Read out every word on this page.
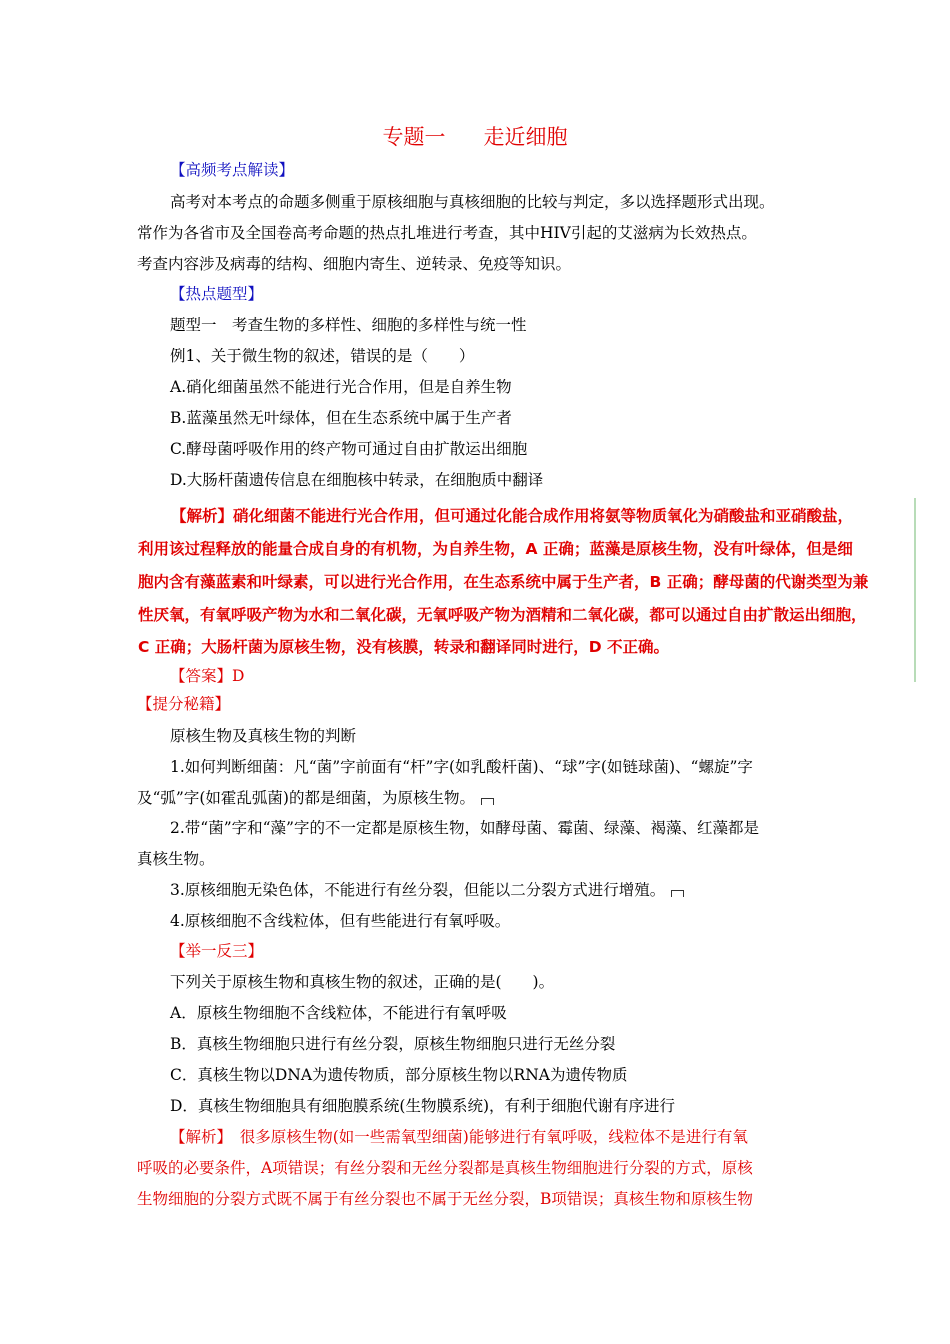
专题一 走近细胞
【高频考点解读】
高考对本考点的命题多侧重于原核细胞与真核细胞的比较与判定，多以选择题形式出现。
常作为各省市及全国卷高考命题的热点扎堆进行考查，其中HIV引起的艾滋病为长效热点。
考查内容涉及病毒的结构、细胞内寄生、逆转录、免疫等知识。
【热点题型】
题型一　考查生物的多样性、细胞的多样性与统一性
例1、关于微生物的叙述，错误的是（　　）
A.硝化细菌虽然不能进行光合作用，但是自养生物
B.蓝藻虽然无叶绿体，但在生态系统中属于生产者
C.酵母菌呼吸作用的终产物可通过自由扩散运出细胞
D.大肠杆菌遗传信息在细胞核中转录，在细胞质中翻译
【解析】硝化细菌不能进行光合作用，但可通过化能合成作用将氨等物质氧化为硝酸盐和亚硝酸盐，
利用该过程释放的能量合成自身的有机物，为自养生物，A 正确；蓝藻是原核生物，没有叶绿体，但是细
胞内含有藻蓝素和叶绿素，可以进行光合作用，在生态系统中属于生产者，B 正确；酵母菌的代谢类型为兼
性厌氧，有氧呼吸产物为水和二氧化碳，无氧呼吸产物为酒精和二氧化碳，都可以通过自由扩散运出细胞，
C 正确；大肠杆菌为原核生物，没有核膜，转录和翻译同时进行，D 不正确。
【答案】D
【提分秘籍】
原核生物及真核生物的判断
1.如何判断细菌：凡“菌”字前面有“杆”字(如乳酸杆菌)、“球”字(如链球菌)、“螺旋”字
及“弧”字(如霍乱弧菌)的都是细菌，为原核生物。
2.带“菌”字和“藻”字的不一定都是原核生物，如酵母菌、霉菌、绿藻、褐藻、红藻都是
真核生物。
3.原核细胞无染色体，不能进行有丝分裂，但能以二分裂方式进行增殖。
4.原核细胞不含线粒体，但有些能进行有氧呼吸。
【举一反三】
下列关于原核生物和真核生物的叙述，正确的是(　　)。
A．原核生物细胞不含线粒体，不能进行有氧呼吸
B．真核生物细胞只进行有丝分裂，原核生物细胞只进行无丝分裂
C．真核生物以DNA为遗传物质，部分原核生物以RNA为遗传物质
D．真核生物细胞具有细胞膜系统(生物膜系统)，有利于细胞代谢有序进行
【解析】　很多原核生物(如一些需氧型细菌)能够进行有氧呼吸，线粒体不是进行有氧
呼吸的必要条件，A项错误；有丝分裂和无丝分裂都是真核生物细胞进行分裂的方式，原核
生物细胞的分裂方式既不属于有丝分裂也不属于无丝分裂，B项错误；真核生物和原核生物
